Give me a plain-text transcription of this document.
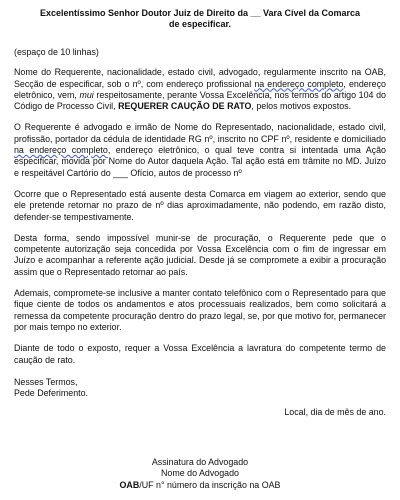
Excelentíssimo Senhor Doutor Juiz de Direito da __ Vara Cível da Comarca
de especificar.
(espaço de 10 linhas)

Nome do Requerente, nacionalidade, estado civil, advogado, regularmente inscrito na OAB, Secção de especificar, sob o nº, com endereço profissional na endereço completo, endereço eletrônico, vem, mui respeitosamente, perante Vossa Excelência, nos termos do artigo 104 do Código de Processo Civil, REQUERER CAUÇÃO DE RATO, pelos motivos expostos.

O Requerente é advogado e irmão de Nome do Representado, nacionalidade, estado civil, profissão, portador da cédula de identidade RG nº, inscrito no CPF nº, residente e domiciliado na endereço completo, endereço eletrônico, o qual teve contra si intentada uma Ação especificar, movida por Nome do Autor daquela Ação. Tal ação está em trâmite no MD. Juízo e respeitável Cartório do ___ Ofício, autos de processo nº

Ocorre que o Representado está ausente desta Comarca em viagem ao exterior, sendo que ele pretende retornar no prazo de nº dias aproximadamente, não podendo, em razão disto, defender-se tempestivamente.

Desta forma, sendo impossível munir-se de procuração, o Requerente pede que o competente autorização seja concedida por Vossa Excelência com o fim de ingressar em Juízo e acompanhar a referente ação judicial. Desde já se compromete a exibir a procuração assim que o Representado retornar ao país.

Ademais, compromete-se inclusive a manter contato telefônico com o Representado para que fique ciente de todos os andamentos e atos processuais realizados, bem como solicitará a remessa da competente procuração dentro do prazo legal, se, por que motivo for, permanecer por mais tempo no exterior.

Diante de todo o exposto, requer a Vossa Excelência a lavratura do competente termo de caução de rato.

Nesses Termos,
Pede Deferimento.
Local, dia de mês de ano.
Assinatura do Advogado
Nome do Advogado
OAB/UF n° número da inscrição na OAB
